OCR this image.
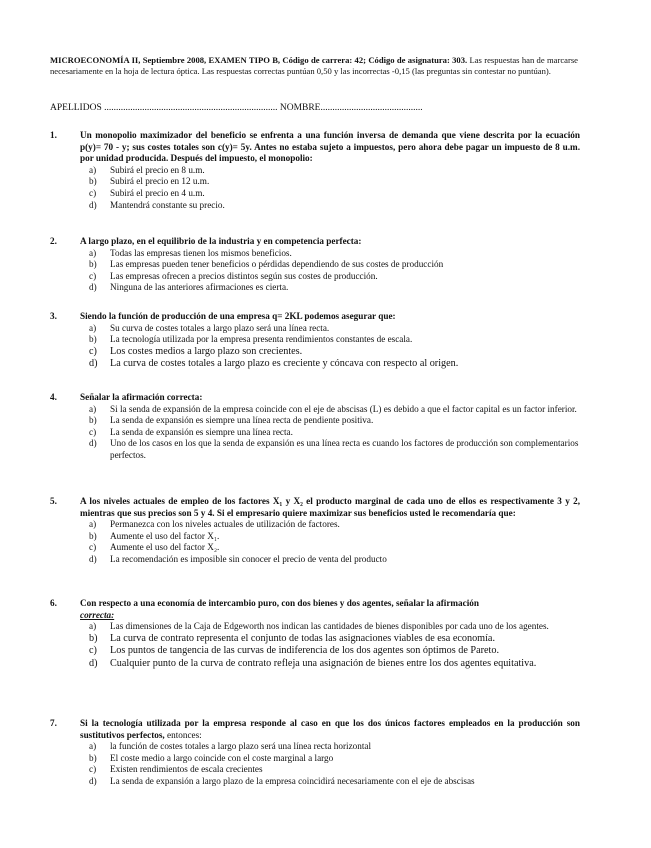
MICROECONOMÍA II, Septiembre 2008, EXAMEN TIPO B, Código de carrera: 42; Código de asignatura: 303. Las respuestas han de marcarse necesariamente en la hoja de lectura óptica. Las respuestas correctas puntúan 0,50 y las incorrectas -0,15 (las preguntas sin contestar no puntúan).
APELLIDOS ......................................................................... NOMBRE...........................................
1.	Un monopolio maximizador del beneficio se enfrenta a una función inversa de demanda que viene descrita por la ecuación p(y)= 70 - y; sus costes totales son c(y)= 5y. Antes no estaba sujeto a impuestos, pero ahora debe pagar un impuesto de 8 u.m. por unidad producida. Después del impuesto, el monopolio:
a) Subirá el precio en 8 u.m.
b) Subirá el precio en 12 u.m.
c) Subirá el precio en 4 u.m.
d) Mantendrá constante su precio.
2.	A largo plazo, en el equilibrio de la industria y en competencia perfecta:
a) Todas las empresas tienen los mismos beneficios.
b) Las empresas pueden tener beneficios o pérdidas dependiendo de sus costes de producción
c) Las empresas ofrecen a precios distintos según sus costes de producción.
d) Ninguna de las anteriores afirmaciones es cierta.
3.	Siendo la función de producción de una empresa q= 2KL podemos asegurar que:
a) Su curva de costes totales a largo plazo será una línea recta.
b) La tecnología utilizada por la empresa presenta rendimientos constantes de escala.
c) Los costes medios a largo plazo son crecientes.
d) La curva de costes totales a largo plazo es creciente y cóncava con respecto al origen.
4.	Señalar la afirmación correcta:
a) Si la senda de expansión de la empresa coincide con el eje de abscisas (L) es debido a que el factor capital es un factor inferior.
b) La senda de expansión es siempre una línea recta de pendiente positiva.
c) La senda de expansión es siempre una línea recta.
d) Uno de los casos en los que la senda de expansión es una línea recta es cuando los factores de producción son complementarios perfectos.
5.	A los niveles actuales de empleo de los factores X₁ y X₂ el producto marginal de cada uno de ellos es respectivamente 3 y 2, mientras que sus precios son 5 y 4. Si el empresario quiere maximizar sus beneficios usted le recomendaría que:
a) Permanezca con los niveles actuales de utilización de factores.
b) Aumente el uso del factor X₁.
c) Aumente el uso del factor X₂.
d) La recomendación es imposible sin conocer el precio de venta del producto
6.	Con respecto a una economía de intercambio puro, con dos bienes y dos agentes, señalar la afirmación
correcta:
a) Las dimensiones de la Caja de Edgeworth nos indican las cantidades de bienes disponibles por cada uno de los agentes.
b) La curva de contrato representa el conjunto de todas las asignaciones viables de esa economía.
c) Los puntos de tangencia de las curvas de indiferencia de los dos agentes son óptimos de Pareto.
d) Cualquier punto de la curva de contrato refleja una asignación de bienes entre los dos agentes equitativa.
7.	Si la tecnología utilizada por la empresa responde al caso en que los dos únicos factores empleados en la producción son sustitutivos perfectos, entonces:
a) la función de costes totales a largo plazo será una línea recta horizontal
b) El coste medio a largo coincide con el coste marginal a largo
c) Existen rendimientos de escala crecientes
d) La senda de expansión a largo plazo de la empresa coincidirá necesariamente con el eje de abscisas
